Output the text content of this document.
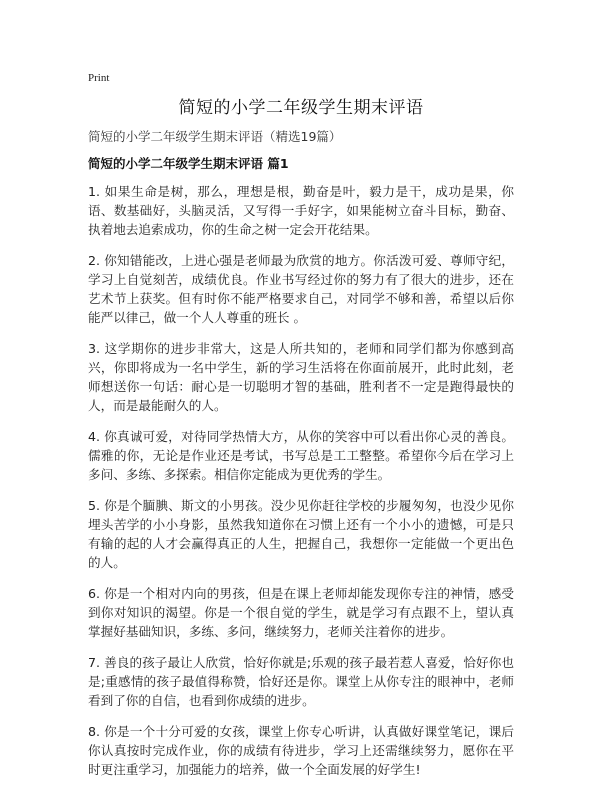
Print
简短的小学二年级学生期末评语
简短的小学二年级学生期末评语（精选19篇）
简短的小学二年级学生期末评语 篇1

1. 如果生命是树，那么，理想是根，勤奋是叶，毅力是干，成功是果，你语、数基础好，头脑灵活，又写得一手好字，如果能树立奋斗目标，勤奋、执着地去追索成功，你的生命之树一定会开花结果。

2. 你知错能改，上进心强是老师最为欣赏的地方。你活泼可爱、尊师守纪，学习上自觉刻苦，成绩优良。作业书写经过你的努力有了很大的进步，还在艺术节上获奖。但有时你不能严格要求自己，对同学不够和善，希望以后你能严以律己，做一个人人尊重的班长 。

3. 这学期你的进步非常大，这是人所共知的，老师和同学们都为你感到高兴，你即将成为一名中学生，新的学习生活将在你面前展开，此时此刻，老师想送你一句话：耐心是一切聪明才智的基础，胜利者不一定是跑得最快的人，而是最能耐久的人。

4. 你真诚可爱，对待同学热情大方，从你的笑容中可以看出你心灵的善良。儒雅的你，无论是作业还是考试，书写总是工工整整。希望你今后在学习上多问、多练、多探索。相信你定能成为更优秀的学生。

5. 你是个腼腆、斯文的小男孩。没少见你赶往学校的步履匆匆，也没少见你埋头苦学的小小身影，虽然我知道你在习惯上还有一个小小的遗憾，可是只有输的起的人才会赢得真正的人生，把握自己，我想你一定能做一个更出色的人。

6. 你是一个相对内向的男孩，但是在课上老师却能发现你专注的神情，感受到你对知识的渴望。你是一个很自觉的学生，就是学习有点跟不上，望认真掌握好基础知识，多练、多问，继续努力，老师关注着你的进步。

7. 善良的孩子最让人欣赏，恰好你就是;乐观的孩子最若惹人喜爱，恰好你也是;重感情的孩子最值得称赞，恰好还是你。课堂上从你专注的眼神中，老师看到了你的自信，也看到你成绩的进步。

8. 你是一个十分可爱的女孩，课堂上你专心听讲，认真做好课堂笔记，课后你认真按时完成作业，你的成绩有待进步，学习上还需继续努力，愿你在平时更注重学习，加强能力的培养，做一个全面发展的好学生!
